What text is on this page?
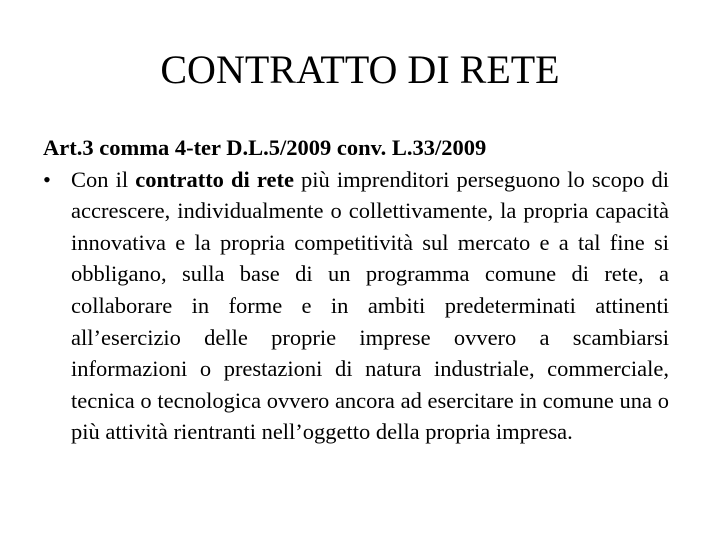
CONTRATTO DI RETE

Art.3 comma 4-ter D.L.5/2009 conv. L.33/2009

• Con il contratto di rete più imprenditori perseguono lo scopo di accrescere, individualmente o collettivamente, la propria capacità innovativa e la propria competitività sul mercato e a tal fine si obbligano, sulla base di un programma comune di rete, a collaborare in forme e in ambiti predeterminati attinenti all’esercizio delle proprie imprese ovvero a scambiarsi informazioni o prestazioni di natura industriale, commerciale, tecnica o tecnologica ovvero ancora ad esercitare in comune una o più attività rientranti nell’oggetto della propria impresa.
